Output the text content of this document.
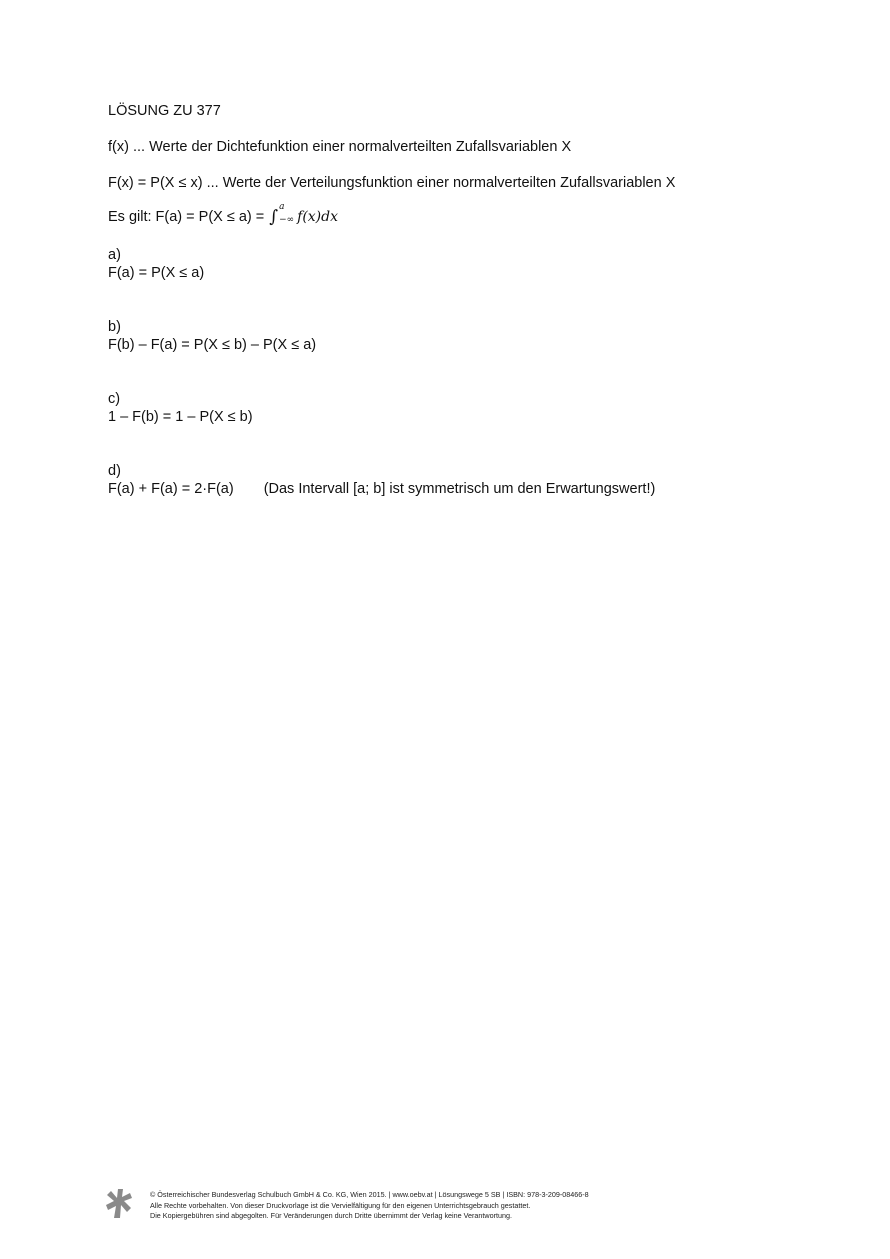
LÖSUNG ZU 377
f(x) ... Werte der Dichtefunktion einer normalverteilten Zufallsvariablen X
F(x) = P(X ≤ x) ... Werte der Verteilungsfunktion einer normalverteilten Zufallsvariablen X
Es gilt: F(a) = P(X ≤ a) = ∫ a
−∞ f(x)dx
a)
F(a) = P(X ≤ a)
b)
F(b) – F(a) = P(X ≤ b) – P(X ≤ a)
c)
1 – F(b) = 1 – P(X ≤ b)
d)
F(a) + F(a) = 2·F(a) (Das Intervall [a; b] ist symmetrisch um den Erwartungswert!)
© Österreichischer Bundesverlag Schulbuch GmbH & Co. KG, Wien 2015. | www.oebv.at | Lösungswege 5 SB | ISBN: 978-3-209-08466-8
Alle Rechte vorbehalten. Von dieser Druckvorlage ist die Vervielfältigung für den eigenen Unterrichtsgebrauch gestattet.
Die Kopiergebühren sind abgegolten. Für Veränderungen durch Dritte übernimmt der Verlag keine Verantwortung.
